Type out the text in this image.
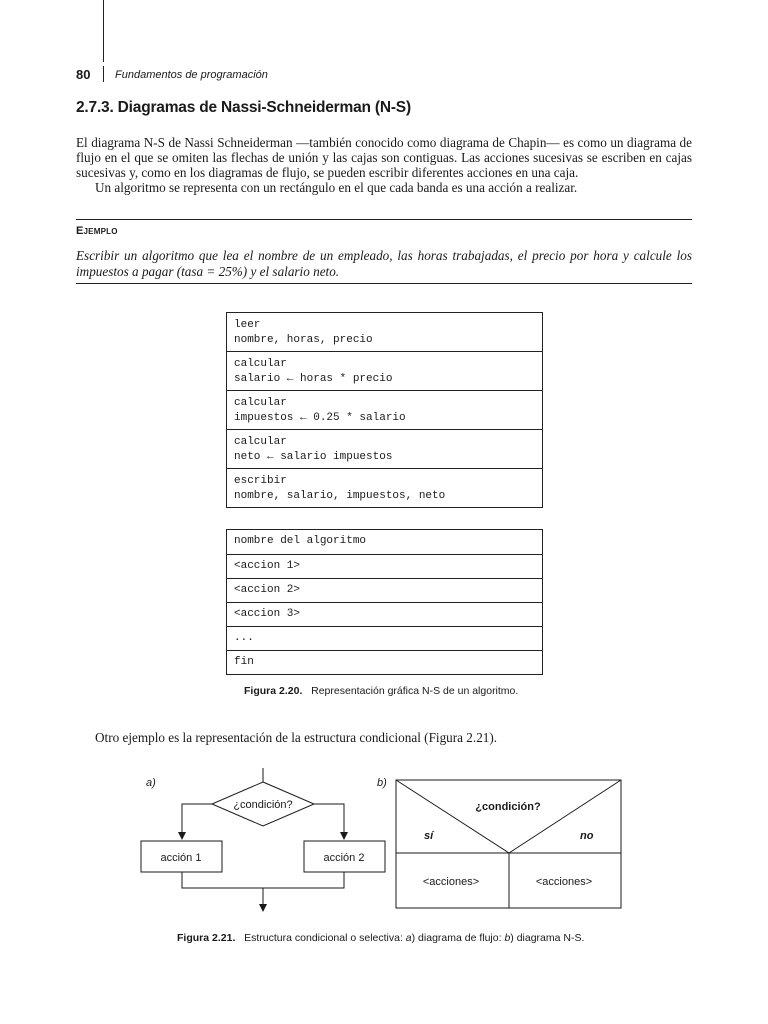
80 Fundamentos de programación
2.7.3. Diagramas de Nassi-Schneiderman (N-S)
El diagrama N-S de Nassi Schneiderman —también conocido como diagrama de Chapin— es como un diagrama de flujo en el que se omiten las flechas de unión y las cajas son contiguas. Las acciones sucesivas se escriben en cajas sucesivas y, como en los diagramas de flujo, se pueden escribir diferentes acciones en una caja.
Un algoritmo se representa con un rectángulo en el que cada banda es una acción a realizar.
Ejemplo
Escribir un algoritmo que lea el nombre de un empleado, las horas trabajadas, el precio por hora y calcule los impuestos a pagar (tasa = 25%) y el salario neto.
leer
nombre, horas, precio
calcular
salario ← horas * precio
calcular
impuestos ← 0.25 * salario
calcular
neto ← salario impuestos
escribir
nombre, salario, impuestos, neto
nombre del algoritmo
<accion 1>
<accion 2>
<accion 3>
...
fin
Figura 2.20. Representación gráfica N-S de un algoritmo.
Otro ejemplo es la representación de la estructura condicional (Figura 2.21).
a)
¿condición?
acción 1	acción 2
b)
¿condición?
sí	no
<acciones>	<acciones>
Figura 2.21. Estructura condicional o selectiva: a) diagrama de flujo: b) diagrama N-S.
